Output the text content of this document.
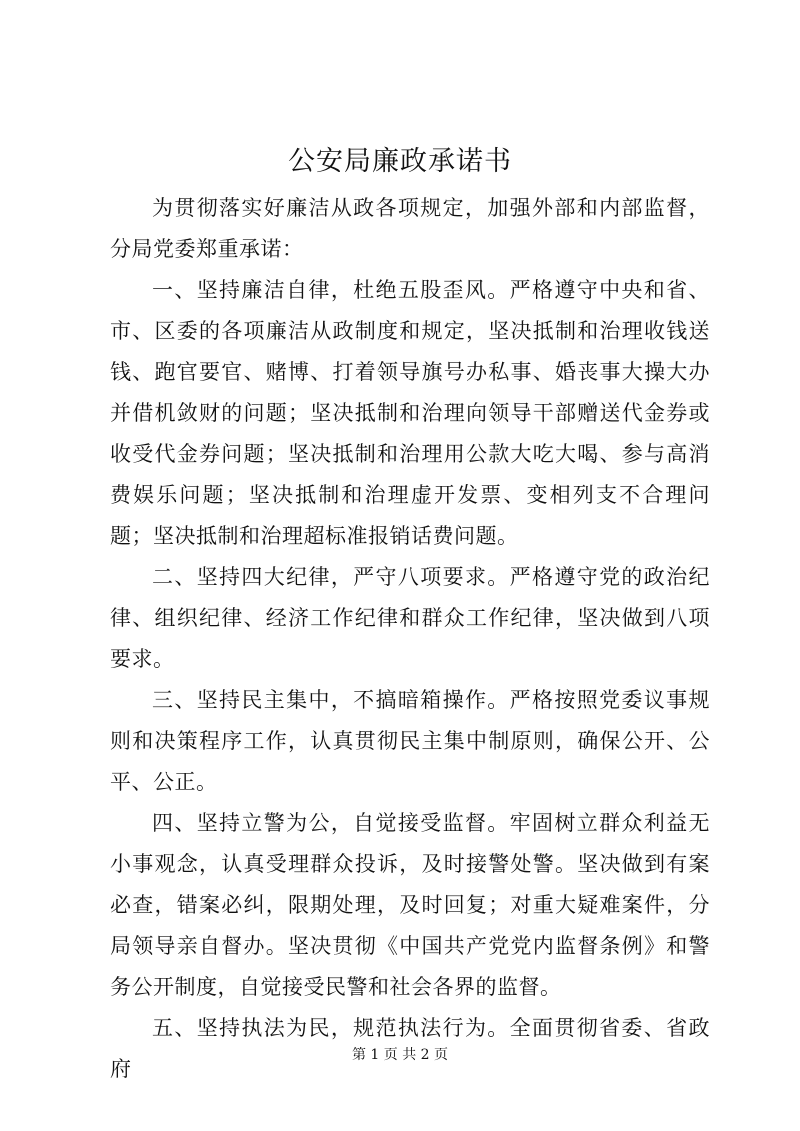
公安局廉政承诺书

为贯彻落实好廉洁从政各项规定，加强外部和内部监督，分局党委郑重承诺：

一、坚持廉洁自律，杜绝五股歪风。严格遵守中央和省、市、区委的各项廉洁从政制度和规定，坚决抵制和治理收钱送钱、跑官要官、赌博、打着领导旗号办私事、婚丧事大操大办并借机敛财的问题；坚决抵制和治理向领导干部赠送代金券或收受代金券问题；坚决抵制和治理用公款大吃大喝、参与高消费娱乐问题；坚决抵制和治理虚开发票、变相列支不合理问题；坚决抵制和治理超标准报销话费问题。

二、坚持四大纪律，严守八项要求。严格遵守党的政治纪律、组织纪律、经济工作纪律和群众工作纪律，坚决做到八项要求。

三、坚持民主集中，不搞暗箱操作。严格按照党委议事规则和决策程序工作，认真贯彻民主集中制原则，确保公开、公平、公正。

四、坚持立警为公，自觉接受监督。牢固树立群众利益无小事观念，认真受理群众投诉，及时接警处警。坚决做到有案必查，错案必纠，限期处理，及时回复；对重大疑难案件，分局领导亲自督办。坚决贯彻《中国共产党党内监督条例》和警务公开制度，自觉接受民警和社会各界的监督。

五、坚持执法为民，规范执法行为。全面贯彻省委、省政府

第 1 页 共 2 页
